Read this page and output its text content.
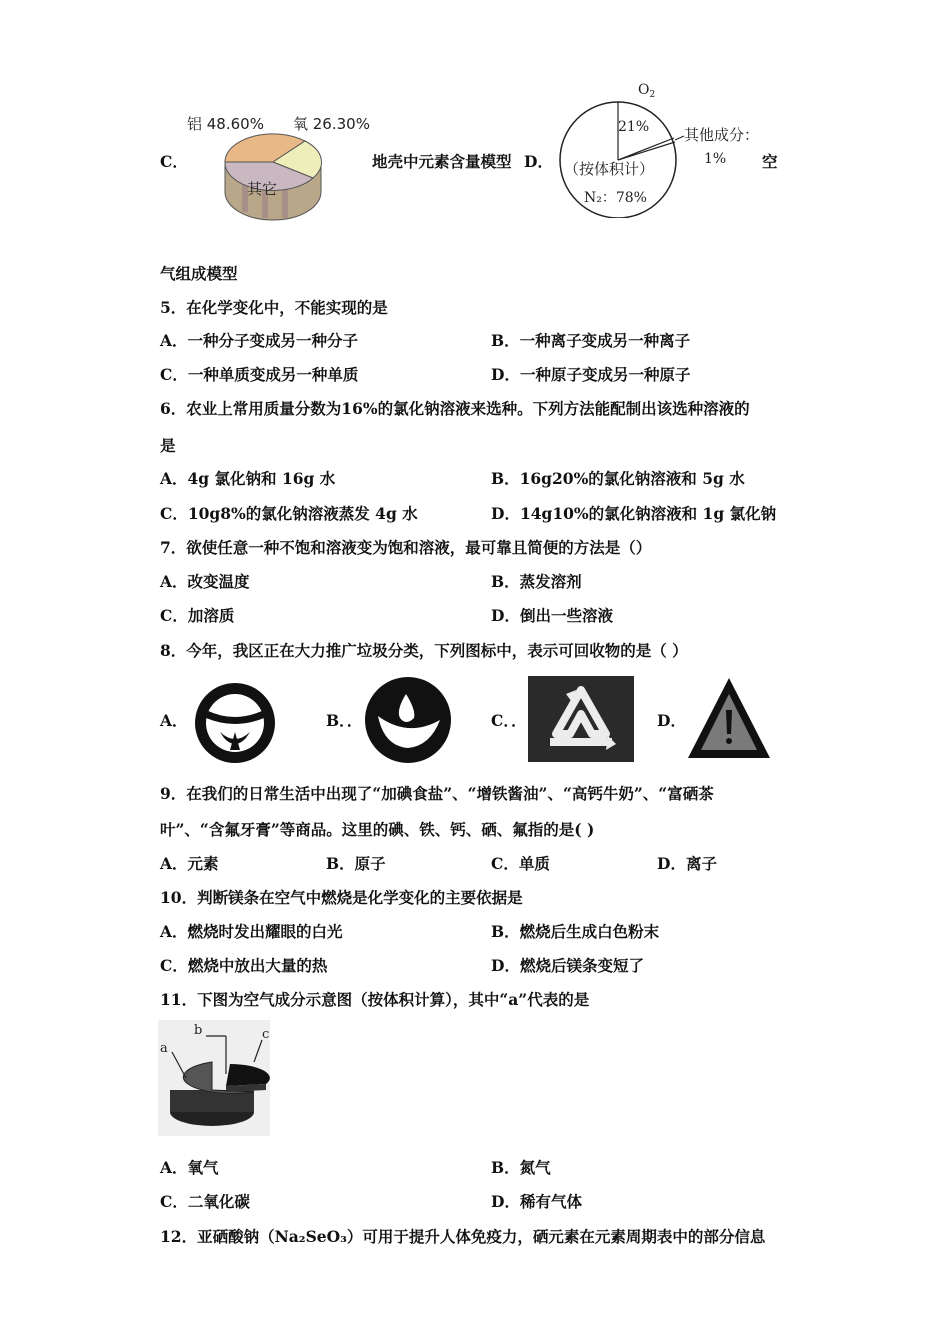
C．
铝 48.60% 氧 26.30%
其它
地壳中元素含量模型 D．
$O_2$
21% 其他成分：
1%
（按体积计）
N₂：78%
空
气组成模型
5．在化学变化中，不能实现的是
A．一种分子变成另一种分子	B．一种离子变成另一种离子
C．一种单质变成另一种单质	D．一种原子变成另一种原子
6．农业上常用质量分数为16%的氯化钠溶液来选种。下列方法能配制出该选种溶液的
是
A．4g 氯化钠和 16g 水	B．16g20%的氯化钠溶液和 5g 水
C．10g8%的氯化钠溶液蒸发 4g 水	D．14g10%的氯化钠溶液和 1g 氯化钠
7．欲使任意一种不饱和溶液变为饱和溶液，最可靠且简便的方法是（）
A．改变温度	B．蒸发溶剂
C．加溶质	D．倒出一些溶液
8．今年，我区正在大力推广垃圾分类，下列图标中，表示可回收物的是（ ）
A．	B．．	C．．	D．
9．在我们的日常生活中出现了“加碘食盐”、“增铁酱油”、“高钙牛奶”、“富硒茶
叶”、“含氟牙膏”等商品。这里的碘、铁、钙、硒、氟指的是( )
A．元素	B．原子	C．单质	D．离子
10．判断镁条在空气中燃烧是化学变化的主要依据是
A．燃烧时发出耀眼的白光	B．燃烧后生成白色粉末
C．燃烧中放出大量的热	D．燃烧后镁条变短了
11．下图为空气成分示意图（按体积计算），其中“a”代表的是
a
b	c
A．氧气	B．氮气
C．二氧化碳	D．稀有气体
12．亚硒酸钠（Na₂SeO₃）可用于提升人体免疫力，硒元素在元素周期表中的部分信息
